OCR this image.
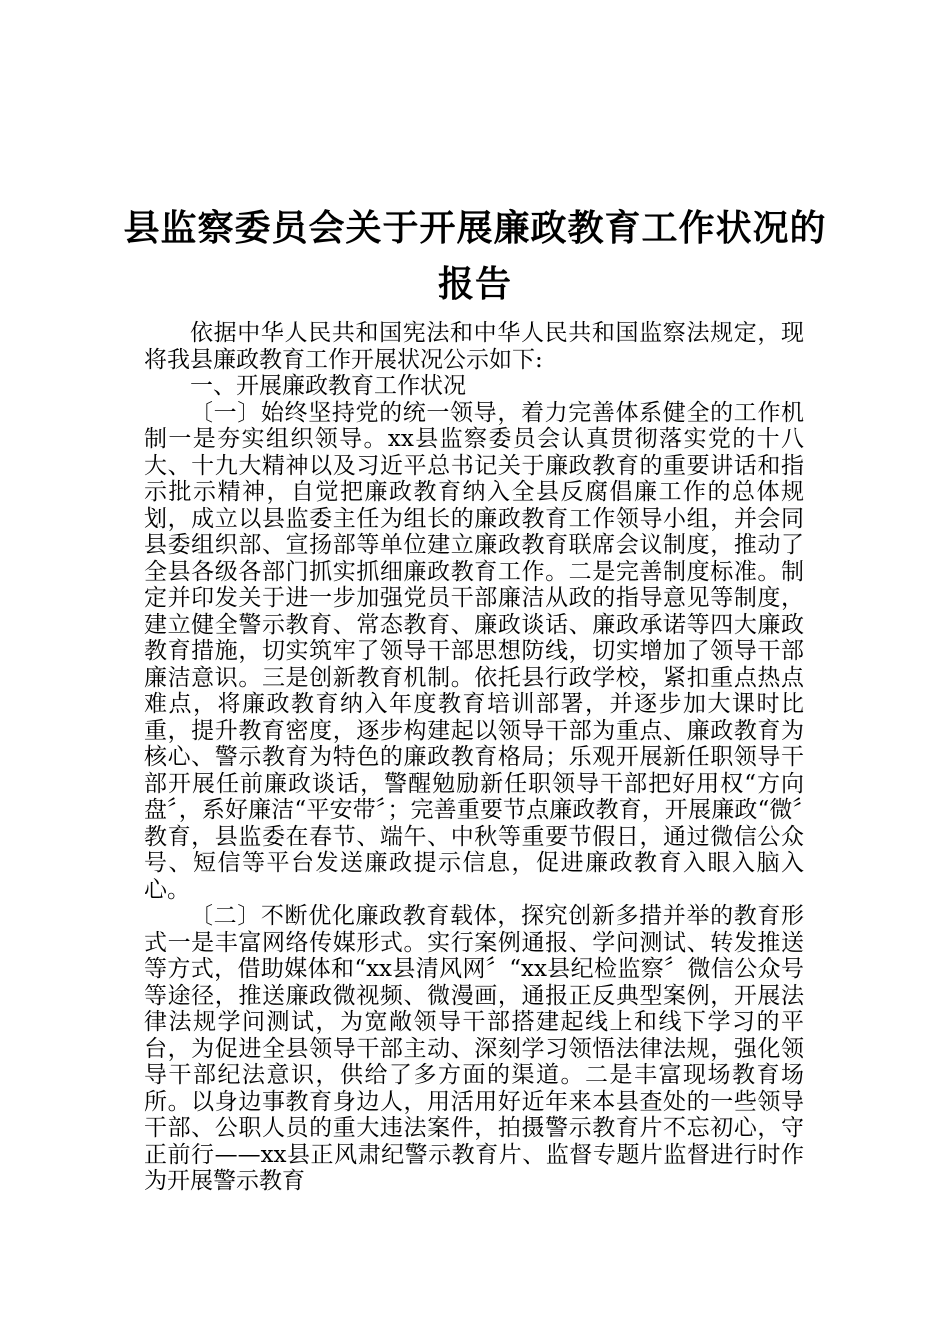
县监察委员会关于开展廉政教育工作状况的报告

依据中华人民共和国宪法和中华人民共和国监察法规定，现将我县廉政教育工作开展状况公示如下:

一、开展廉政教育工作状况

〔一〕始终坚持党的统一领导，着力完善体系健全的工作机制一是夯实组织领导。xx县监察委员会认真贯彻落实党的十八大、十九大精神以及习近平总书记关于廉政教育的重要讲话和指示批示精神，自觉把廉政教育纳入全县反腐倡廉工作的总体规划，成立以县监委主任为组长的廉政教育工作领导小组，并会同县委组织部、宣扬部等单位建立廉政教育联席会议制度，推动了全县各级各部门抓实抓细廉政教育工作。二是完善制度标准。制定并印发关于进一步加强党员干部廉洁从政的指导意见等制度，建立健全警示教育、常态教育、廉政谈话、廉政承诺等四大廉政教育措施，切实筑牢了领导干部思想防线，切实增加了领导干部廉洁意识。三是创新教育机制。依托县行政学校，紧扣重点热点难点，将廉政教育纳入年度教育培训部署，并逐步加大课时比重，提升教育密度，逐步构建起以领导干部为重点、廉政教育为核心、警示教育为特色的廉政教育格局；乐观开展新任职领导干部开展任前廉政谈话，警醒勉励新任职领导干部把好用权“方向盘〞，系好廉洁“平安带〞；完善重要节点廉政教育，开展廉政“微〞教育，县监委在春节、端午、中秋等重要节假日，通过微信公众号、短信等平台发送廉政提示信息，促进廉政教育入眼入脑入心。

〔二〕不断优化廉政教育载体，探究创新多措并举的教育形式一是丰富网络传媒形式。实行案例通报、学问测试、转发推送等方式，借助媒体和“xx县清风网〞“xx县纪检监察〞微信公众号等途径，推送廉政微视频、微漫画，通报正反典型案例，开展法律法规学问测试，为宽敞领导干部搭建起线上和线下学习的平台，为促进全县领导干部主动、深刻学习领悟法律法规，强化领导干部纪法意识，供给了多方面的渠道。二是丰富现场教育场所。以身边事教育身边人，用活用好近年来本县查处的一些领导干部、公职人员的重大违法案件，拍摄警示教育片不忘初心，守正前行——xx县正风肃纪警示教育片、监督专题片监督进行时作为开展警示教育
